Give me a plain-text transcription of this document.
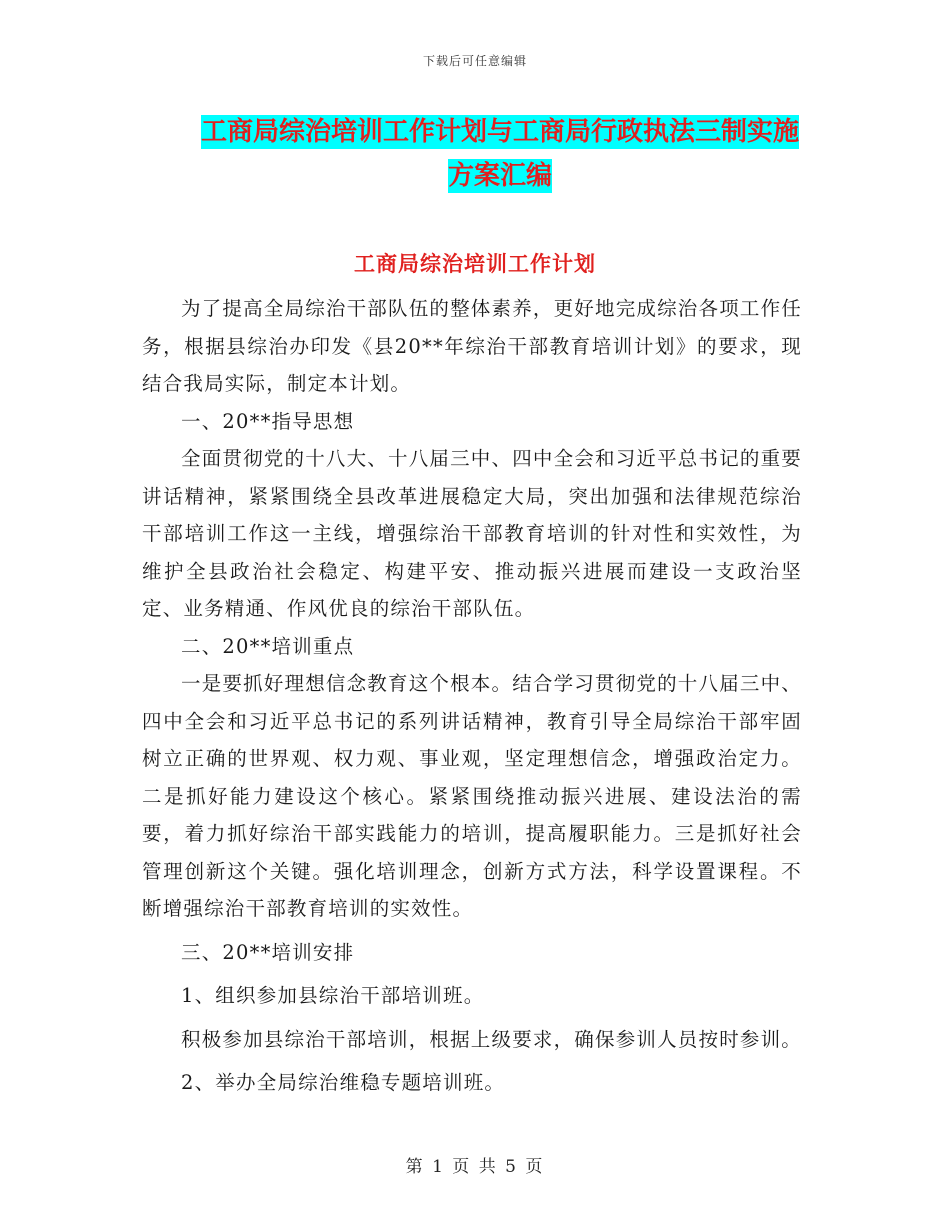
下载后可任意编辑
工商局综治培训工作计划与工商局行政执法三制实施方案汇编
工商局综治培训工作计划

为了提高全局综治干部队伍的整体素养，更好地完成综治各项工作任务，根据县综治办印发《县20**年综治干部教育培训计划》的要求，现结合我局实际，制定本计划。

一、20**指导思想

全面贯彻党的十八大、十八届三中、四中全会和习近平总书记的重要讲话精神，紧紧围绕全县改革进展稳定大局，突出加强和法律规范综治干部培训工作这一主线，增强综治干部教育培训的针对性和实效性，为维护全县政治社会稳定、构建平安、推动振兴进展而建设一支政治坚定、业务精通、作风优良的综治干部队伍。

二、20**培训重点

一是要抓好理想信念教育这个根本。结合学习贯彻党的十八届三中、四中全会和习近平总书记的系列讲话精神，教育引导全局综治干部牢固树立正确的世界观、权力观、事业观，坚定理想信念，增强政治定力。二是抓好能力建设这个核心。紧紧围绕推动振兴进展、建设法治的需要，着力抓好综治干部实践能力的培训，提高履职能力。三是抓好社会管理创新这个关键。强化培训理念，创新方式方法，科学设置课程。不断增强综治干部教育培训的实效性。

三、20**培训安排

1、组织参加县综治干部培训班。

积极参加县综治干部培训，根据上级要求，确保参训人员按时参训。

2、举办全局综治维稳专题培训班。

第 1 页 共 5 页
